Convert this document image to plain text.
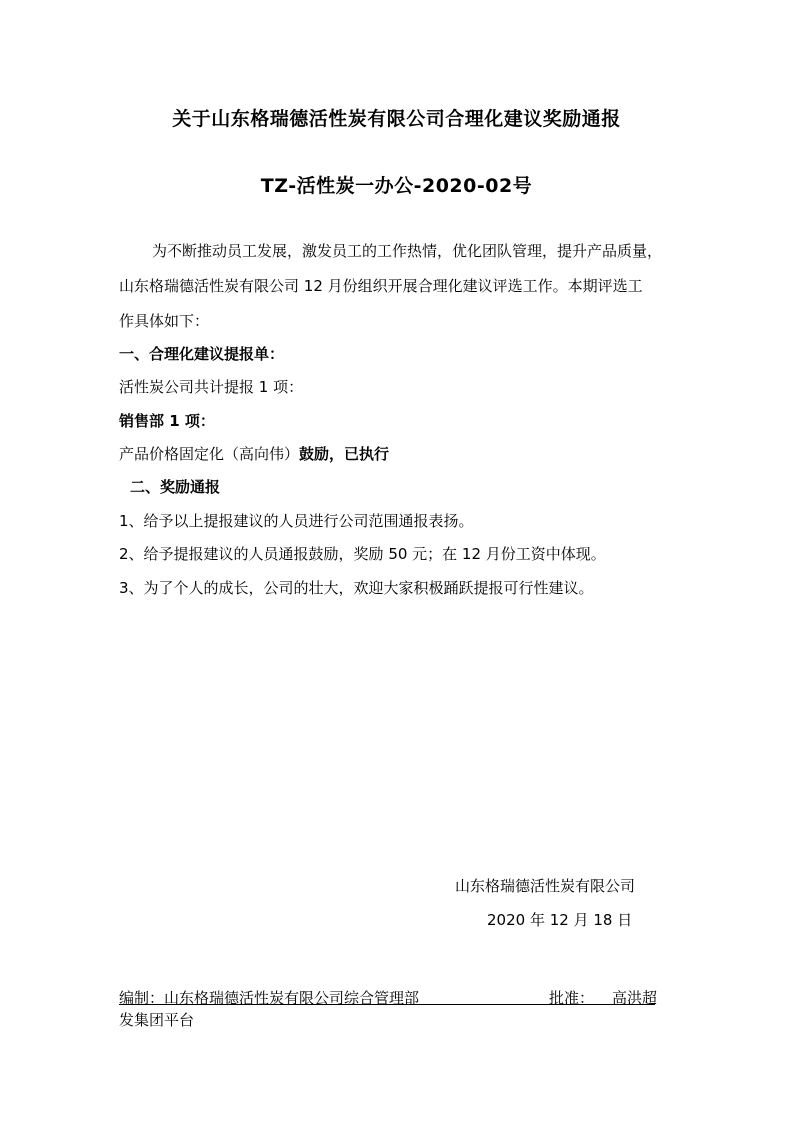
关于山东格瑞德活性炭有限公司合理化建议奖励通报
TZ-活性炭一办公-2020-02号
为不断推动员工发展，激发员工的工作热情，优化团队管理，提升产品质量，
山东格瑞德活性炭有限公司 12 月份组织开展合理化建议评选工作。本期评选工
作具体如下：
一、合理化建议提报单：
活性炭公司共计提报 1 项：
销售部 1 项：
产品价格固定化（高向伟）鼓励，已执行
二、奖励通报
1、给予以上提报建议的人员进行公司范围通报表扬。
2、给予提报建议的人员通报鼓励，奖励 50 元；在 12 月份工资中体现。
3、为了个人的成长，公司的壮大，欢迎大家积极踊跃提报可行性建议。
山东格瑞德活性炭有限公司
2020 年 12 月 18 日
编制：山东格瑞德活性炭有限公司综合管理部	批准： 高洪超
发集团平台
